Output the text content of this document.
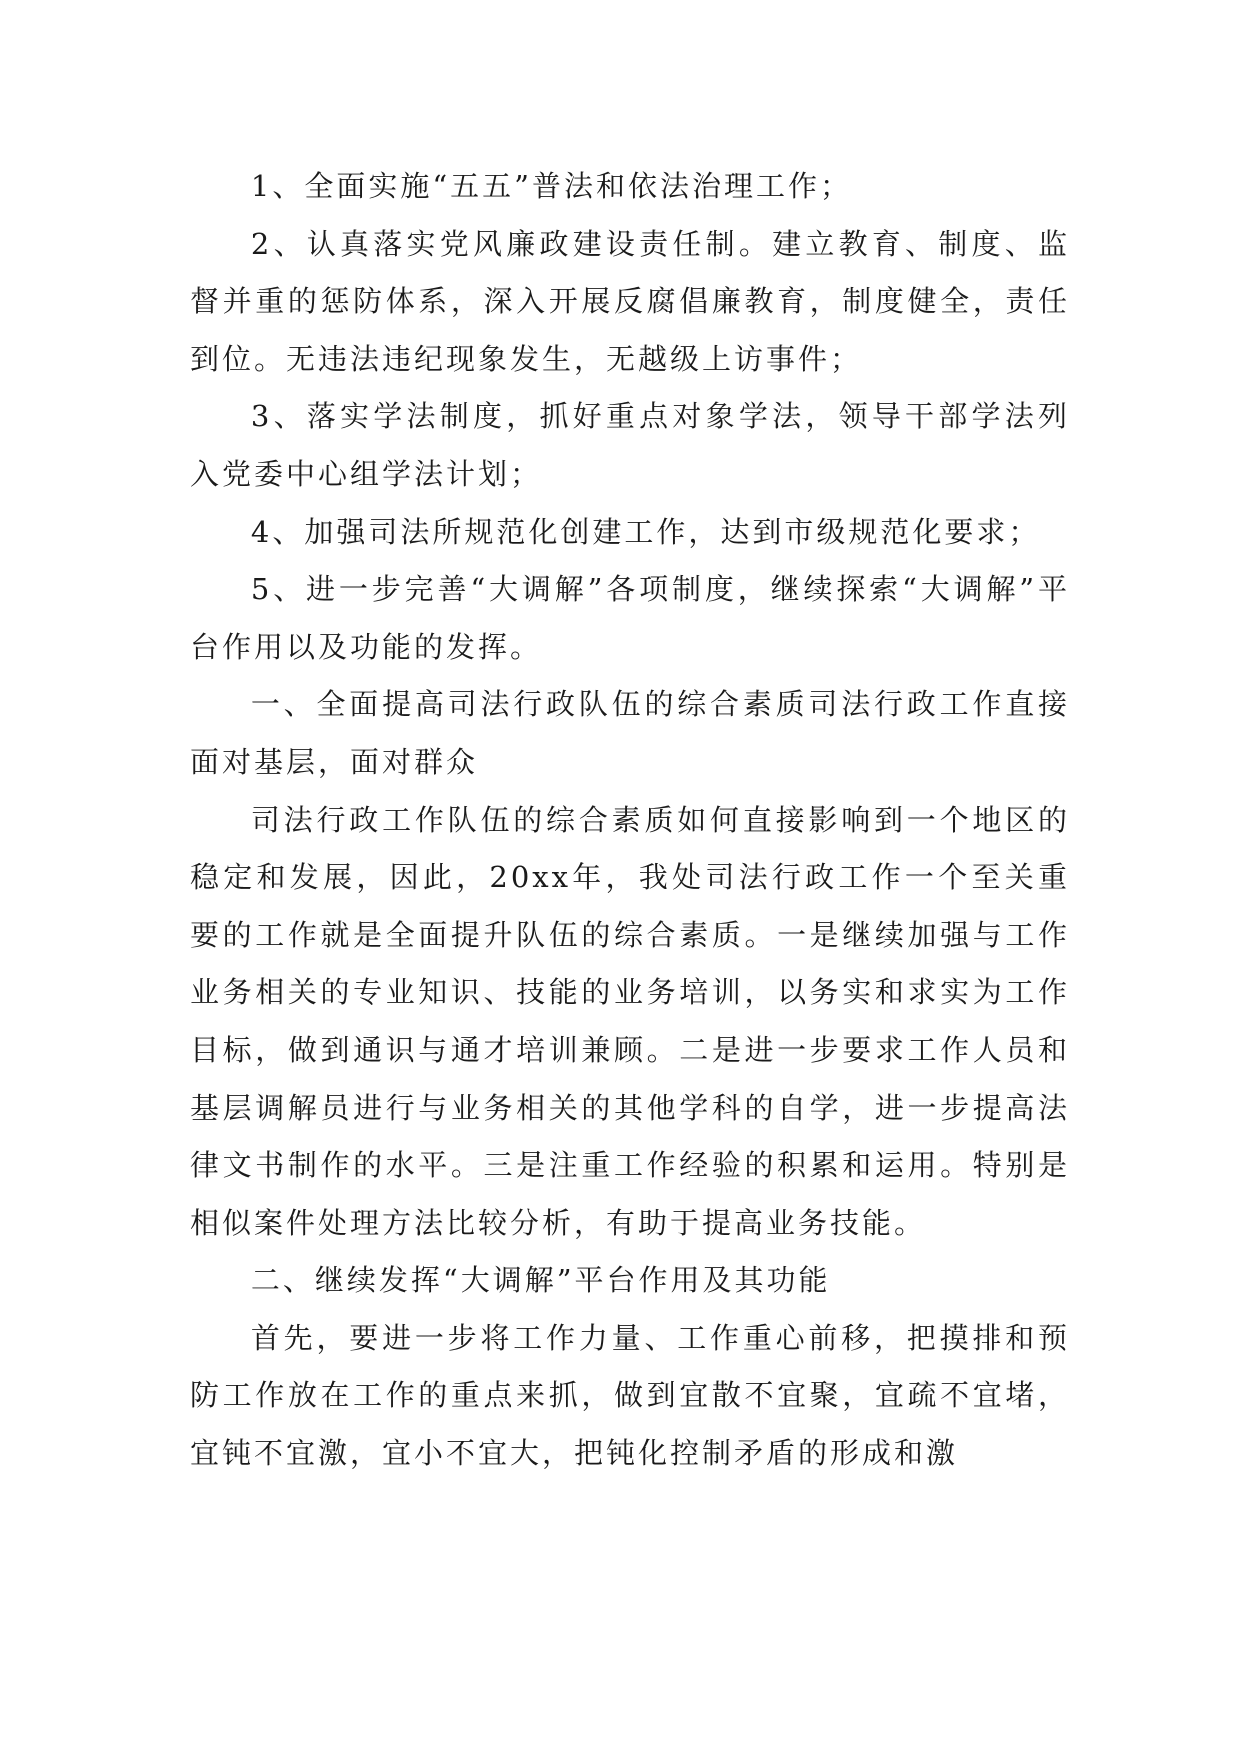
1、全面实施“五五”普法和依法治理工作；

2、认真落实党风廉政建设责任制。建立教育、制度、监督并重的惩防体系，深入开展反腐倡廉教育，制度健全，责任到位。无违法违纪现象发生，无越级上访事件；

3、落实学法制度，抓好重点对象学法，领导干部学法列入党委中心组学法计划；

4、加强司法所规范化创建工作，达到市级规范化要求；

5、进一步完善“大调解”各项制度，继续探索“大调解”平台作用以及功能的发挥。

一、全面提高司法行政队伍的综合素质司法行政工作直接面对基层，面对群众

司法行政工作队伍的综合素质如何直接影响到一个地区的稳定和发展，因此，20xx年，我处司法行政工作一个至关重要的工作就是全面提升队伍的综合素质。一是继续加强与工作业务相关的专业知识、技能的业务培训，以务实和求实为工作目标，做到通识与通才培训兼顾。二是进一步要求工作人员和基层调解员进行与业务相关的其他学科的自学，进一步提高法律文书制作的水平。三是注重工作经验的积累和运用。特别是相似案件处理方法比较分析，有助于提高业务技能。

二、继续发挥“大调解”平台作用及其功能

首先，要进一步将工作力量、工作重心前移，把摸排和预防工作放在工作的重点来抓，做到宜散不宜聚，宜疏不宜堵，宜钝不宜激，宜小不宜大，把钝化控制矛盾的形成和激
